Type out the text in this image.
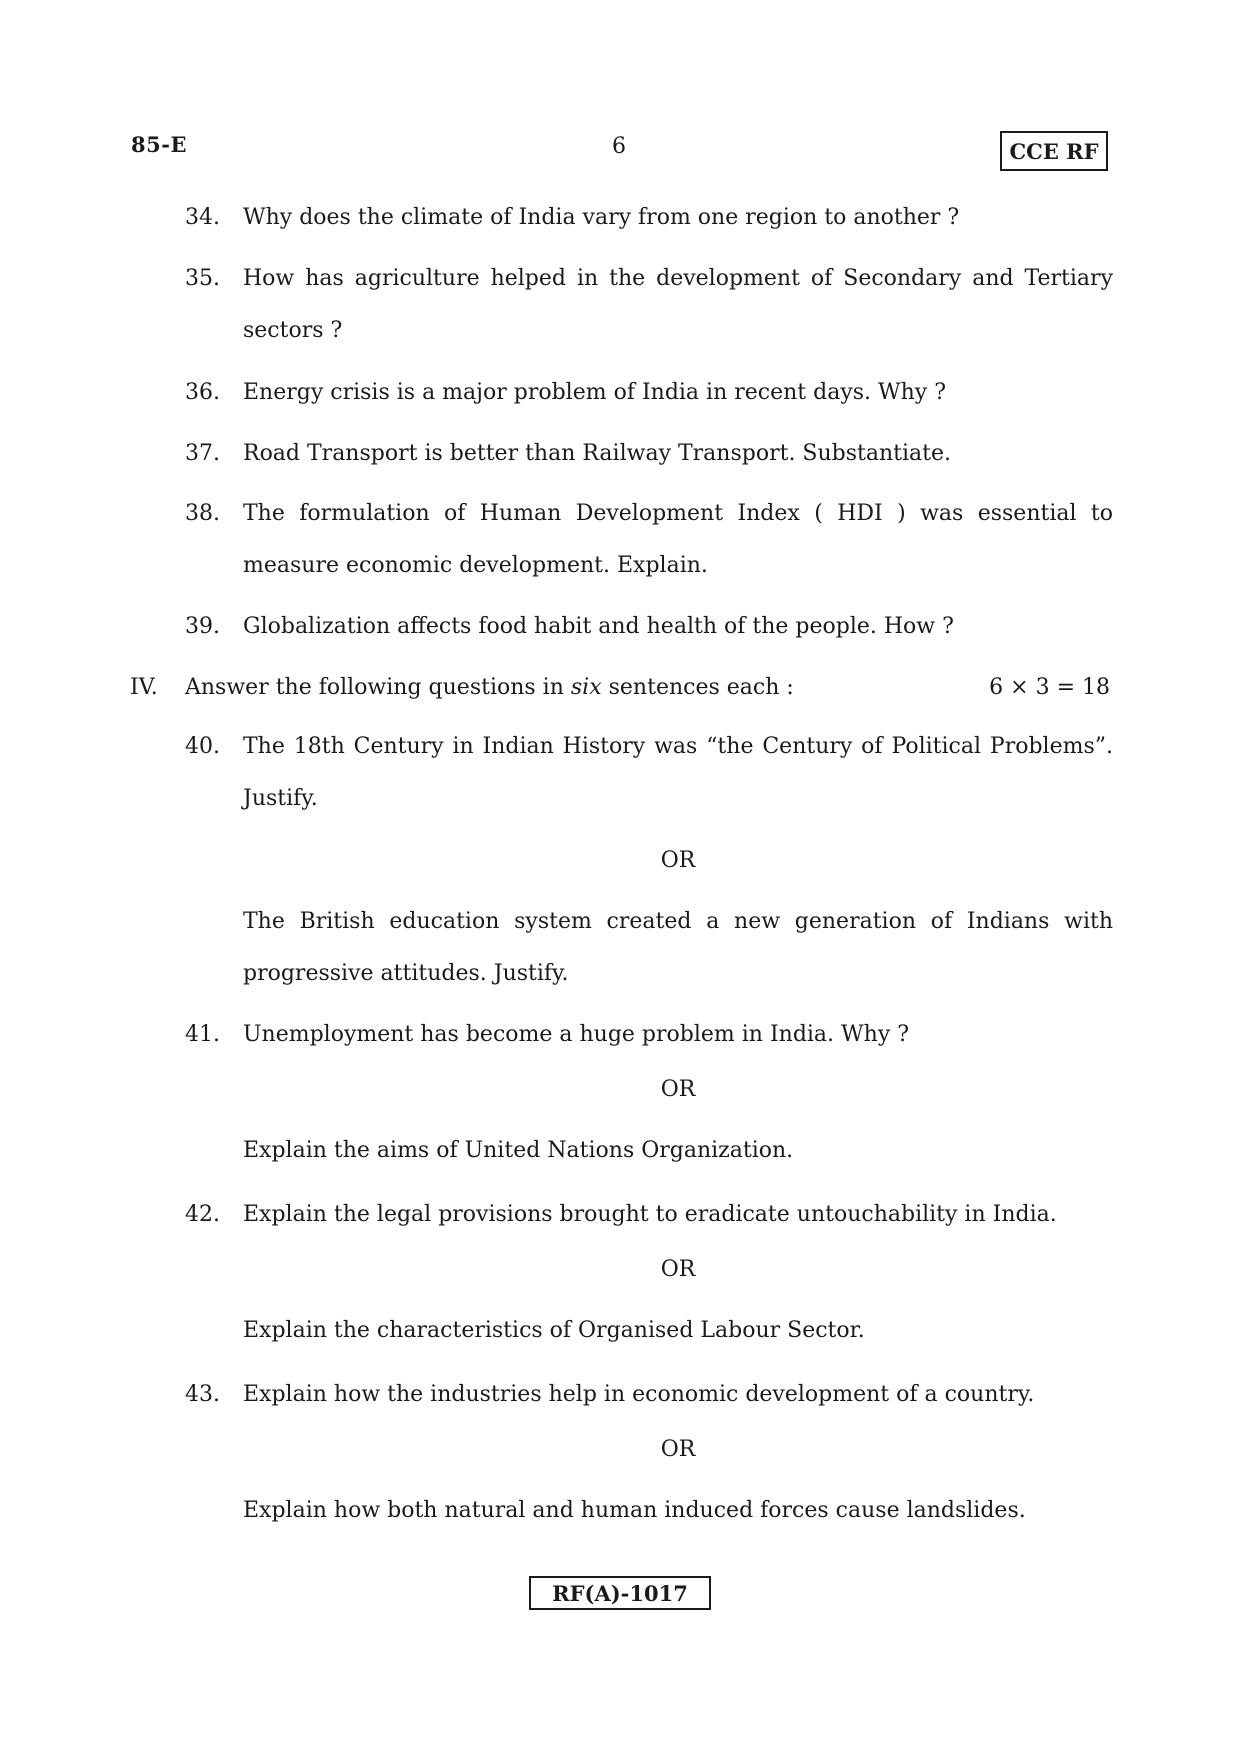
85-E	6	CCE RF
34.	Why does the climate of India vary from one region to another ?
35.	How has agriculture helped in the development of Secondary and Tertiary sectors ?
36.	Energy crisis is a major problem of India in recent days. Why ?
37.	Road Transport is better than Railway Transport. Substantiate.
38.	The formulation of Human Development Index ( HDI ) was essential to measure economic development. Explain.
39.	Globalization affects food habit and health of the people. How ?
IV. Answer the following questions in six sentences each :	6 × 3 = 18
40.	The 18th Century in Indian History was “the Century of Political Problems”. Justify.
OR
The British education system created a new generation of Indians with progressive attitudes. Justify.
41.	Unemployment has become a huge problem in India. Why ?
OR
Explain the aims of United Nations Organization.
42.	Explain the legal provisions brought to eradicate untouchability in India.
OR
Explain the characteristics of Organised Labour Sector.
43.	Explain how the industries help in economic development of a country.
OR
Explain how both natural and human induced forces cause landslides.
RF(A)-1017
